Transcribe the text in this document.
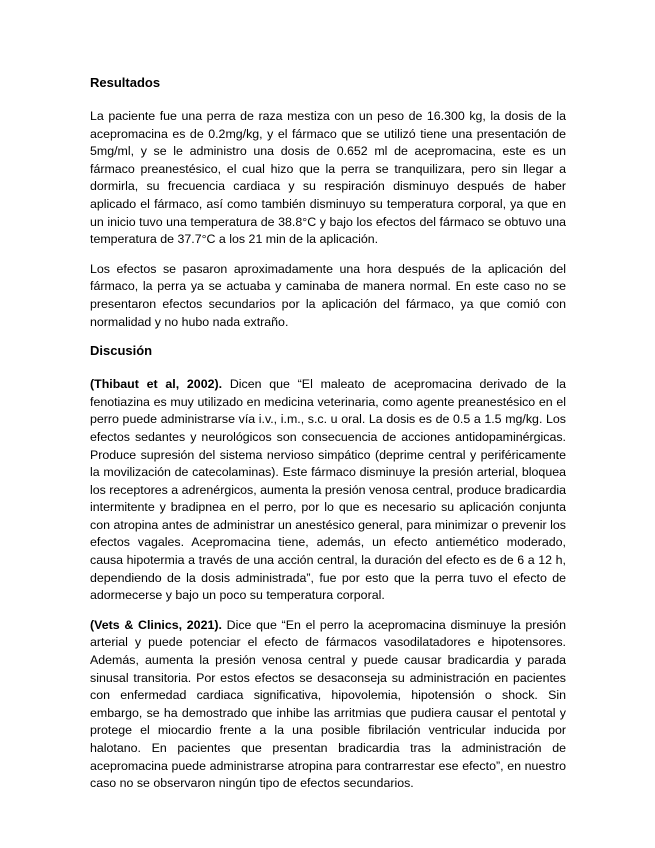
Resultados

La paciente fue una perra de raza mestiza con un peso de 16.300 kg, la dosis de la acepromacina es de 0.2mg/kg, y el fármaco que se utilizó tiene una presentación de 5mg/ml, y se le administro una dosis de 0.652 ml de acepromacina, este es un fármaco preanestésico, el cual hizo que la perra se tranquilizara, pero sin llegar a dormirla, su frecuencia cardiaca y su respiración disminuyo después de haber aplicado el fármaco, así como también disminuyo su temperatura corporal, ya que en un inicio tuvo una temperatura de 38.8°C y bajo los efectos del fármaco se obtuvo una temperatura de 37.7°C a los 21 min de la aplicación.

Los efectos se pasaron aproximadamente una hora después de la aplicación del fármaco, la perra ya se actuaba y caminaba de manera normal. En este caso no se presentaron efectos secundarios por la aplicación del fármaco, ya que comió con normalidad y no hubo nada extraño.

Discusión

(Thibaut et al, 2002). Dicen que “El maleato de acepromacina derivado de la fenotiazina es muy utilizado en medicina veterinaria, como agente preanestésico en el perro puede administrarse vía i.v., i.m., s.c. u oral. La dosis es de 0.5 a 1.5 mg/kg. Los efectos sedantes y neurológicos son consecuencia de acciones antidopaminérgicas. Produce supresión del sistema nervioso simpático (deprime central y periféricamente la movilización de catecolaminas). Este fármaco disminuye la presión arterial, bloquea los receptores a adrenérgicos, aumenta la presión venosa central, produce bradicardia intermitente y bradipnea en el perro, por lo que es necesario su aplicación conjunta con atropina antes de administrar un anestésico general, para minimizar o prevenir los efectos vagales. Acepromacina tiene, además, un efecto antiemético moderado, causa hipotermia a través de una acción central, la duración del efecto es de 6 a 12 h, dependiendo de la dosis administrada”, fue por esto que la perra tuvo el efecto de adormecerse y bajo un poco su temperatura corporal.

(Vets & Clinics, 2021). Dice que “En el perro la acepromacina disminuye la presión arterial y puede potenciar el efecto de fármacos vasodilatadores e hipotensores. Además, aumenta la presión venosa central y puede causar bradicardia y parada sinusal transitoria. Por estos efectos se desaconseja su administración en pacientes con enfermedad cardiaca significativa, hipovolemia, hipotensión o shock. Sin embargo, se ha demostrado que inhibe las arritmias que pudiera causar el pentotal y protege el miocardio frente a la una posible fibrilación ventricular inducida por halotano. En pacientes que presentan bradicardia tras la administración de acepromacina puede administrarse atropina para contrarrestar ese efecto”, en nuestro caso no se observaron ningún tipo de efectos secundarios.
